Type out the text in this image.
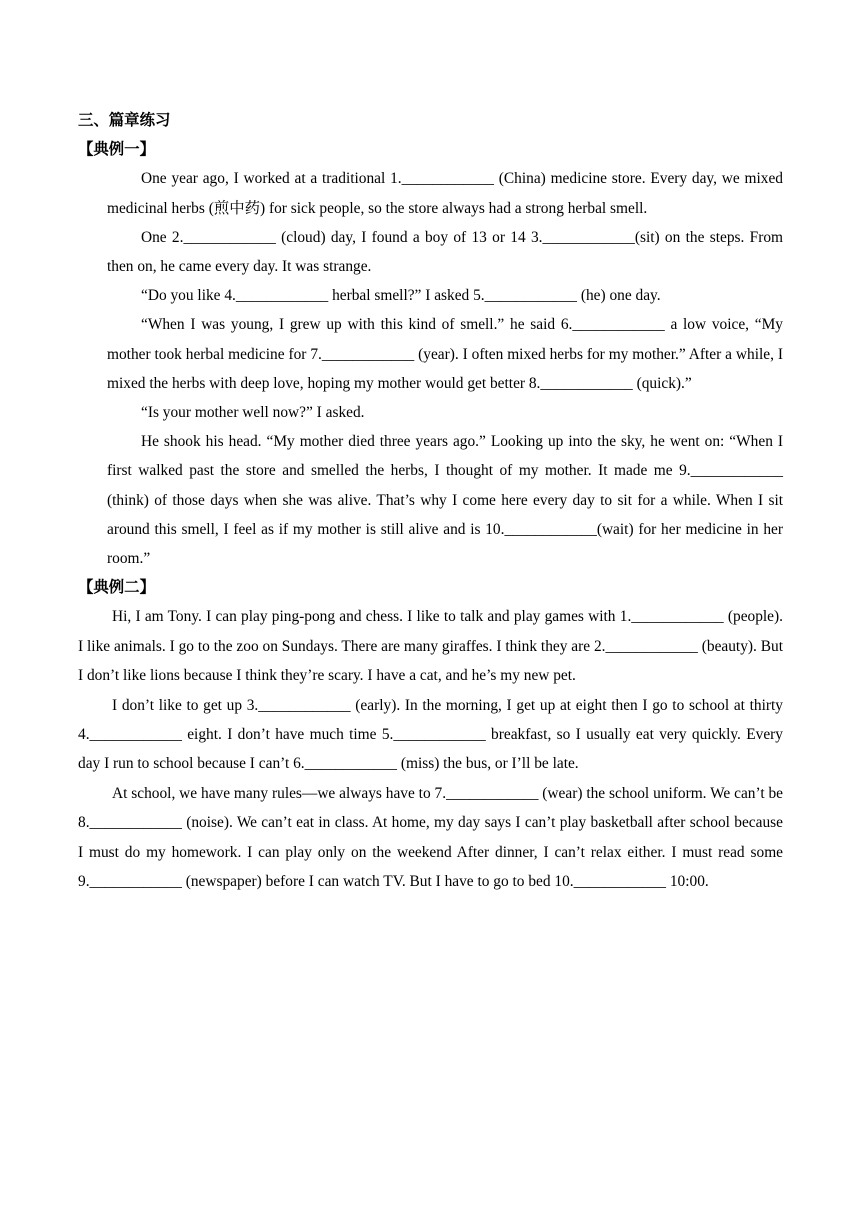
三、篇章练习
【典例一】

One year ago, I worked at a traditional 1.____________ (China) medicine store. Every day, we mixed medicinal herbs (煎中药) for sick people, so the store always had a strong herbal smell.

One 2.____________ (cloud) day, I found a boy of 13 or 14 3.____________(sit) on the steps. From then on, he came every day. It was strange.

“Do you like 4.____________ herbal smell?” I asked 5.____________ (he) one day.

“When I was young, I grew up with this kind of smell.” he said 6.____________ a low voice, “My mother took herbal medicine for 7.____________ (year). I often mixed herbs for my mother.” After a while, I mixed the herbs with deep love, hoping my mother would get better 8.____________ (quick).”

“Is your mother well now?” I asked.

He shook his head. “My mother died three years ago.” Looking up into the sky, he went on: “When I first walked past the store and smelled the herbs, I thought of my mother. It made me 9.____________ (think) of those days when she was alive. That’s why I come here every day to sit for a while. When I sit around this smell, I feel as if my mother is still alive and is 10.____________(wait) for her medicine in her room.”

【典例二】

Hi, I am Tony. I can play ping-pong and chess. I like to talk and play games with 1.____________ (people). I like animals. I go to the zoo on Sundays. There are many giraffes. I think they are 2.____________ (beauty). But I don’t like lions because I think they’re scary. I have a cat, and he’s my new pet.

I don’t like to get up 3.____________ (early). In the morning, I get up at eight then I go to school at thirty 4.____________ eight. I don’t have much time 5.____________ breakfast, so I usually eat very quickly. Every day I run to school because I can’t 6.____________ (miss) the bus, or I’ll be late.

At school, we have many rules—we always have to 7.____________ (wear) the school uniform. We can’t be 8.____________ (noise). We can’t eat in class. At home, my day says I can’t play basketball after school because I must do my homework. I can play only on the weekend After dinner, I can’t relax either. I must read some 9.____________ (newspaper) before I can watch TV. But I have to go to bed 10.____________ 10:00.
